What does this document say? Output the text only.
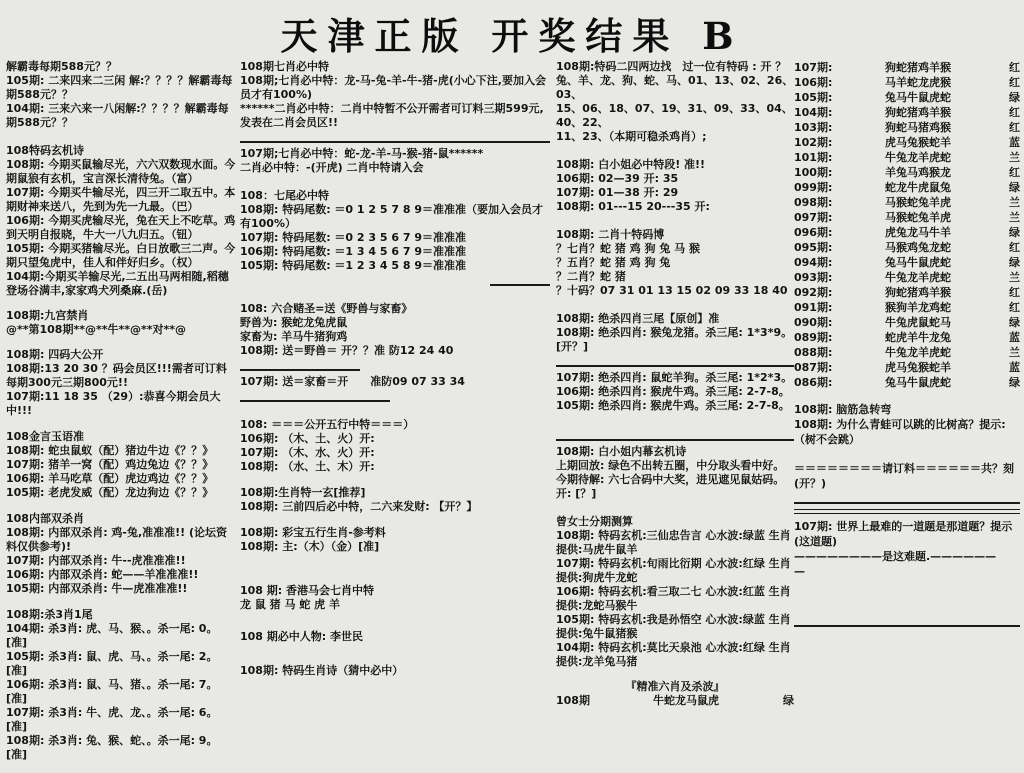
天津正版 开奖结果 B
解霸毒每期588元？？
105期: 二来四来二三闲 解:？？？？解霸毒每期588元？？
104期: 三来六来一八闲解:？？？？解霸毒每期588元？？
108特码玄机诗
108期: 今期买鼠输尽光，六六双数现水面。今期鼠狼有玄机，宝言深长清待兔。（富）
107期: 今期买牛输尽光，四三开二取五中。本期财神来送八，先到为先一九最。（巴）
106期: 今期买虎输尽光，兔在天上不吃草。鸡到天明自报晓，牛大一八九归五。（钮）
105期: 今期买猪输尽光。白日放歌三二声。今期只望兔虎中，佳人和伴好归乡。（权）
104期:今期买羊输尽光,二五出马两相随,稻穗登场谷满丰,家家鸡犬列桑麻.(岳)
108期:九宫禁肖
@**第108期**@**牛**@**对**@
108期: 四码大公开
108期:13 20 30 ？码会员区!!!需者可订料每期300元三期800元!!
107期:11 18 35 （29）:恭喜今期会员大中!!!
108金言玉语准
108期: 蛇虫鼠蚁（配）猪边牛边《？？》
107期: 猪羊一窝（配）鸡边兔边《？？》
106期: 羊马吃草（配）虎边鸡边《？？》
105期: 老虎发威（配）龙边狗边《？？》
108内部双杀肖
108期: 内部双杀肖: 鸡-兔,准准准!! (论坛资料仅供参考)!
107期: 内部双杀肖: 牛--虎准准准!!
106期: 内部双杀肖: 蛇——羊准准准!!
105期: 内部双杀肖: 牛—虎准准准!!
108期:杀3肖1尾
104期: 杀3肖: 虎、马、猴、。杀一尾: 0。[准]
105期: 杀3肖: 鼠、虎、马、。杀一尾: 2。[准]
106期: 杀3肖: 鼠、马、猪、。杀一尾: 7。[准]
107期: 杀3肖: 牛、虎、龙、。杀一尾: 6。[准]
108期: 杀3肖: 兔、猴、蛇、。杀一尾: 9。[准]
108期七肖必中特
108期;七肖必中特：龙-马-兔-羊-牛-猪-虎(小心下注,要加入会员才有100%)
******二肖必中特：二肖中特暂不公开需者可订料三期599元,发表在二肖会员区!!
107期;七肖必中特：蛇-龙-羊-马-猴-猪-鼠******
二肖必中特：-(开虎) 二肖中特请入会
108：七尾必中特
108期: 特码尾数: ＝0 1 2 5 7 8 9＝准准准（要加入会员才有100%）
107期: 特码尾数: ＝0 2 3 5 6 7 9＝准准准
106期: 特码尾数: ＝1 3 4 5 6 7 9＝准准准
105期: 特码尾数: ＝1 2 3 4 5 8 9＝准准准
108: 六合赌圣=送《野兽与家畜》
野兽为: 猴蛇龙兔虎鼠
家畜为: 羊马牛猪狗鸡
108期: 送＝野兽＝ 开？？准 防12 24 40
107期: 送＝家畜＝开　　准防09 07 33 34
108: ＝＝＝公开五行中特＝＝＝）
106期: （木、土、火）开:
107期: （木、水、火）开:
108期: （水、土、木）开:
108期:生肖特一玄[推荐]
108期: 三前四后必中特，二六来发财: 【开？】
108期: 彩宝五行生肖-参考料
108期: 主:（木）（金）[准]
108 期: 香港马会七肖中特
龙 鼠 猪 马 蛇 虎 羊
108 期必中人物: 李世民
108期: 特码生肖诗（猜中必中）
108期:特码二四两边找　过一位有特码 : 开 ？
兔、羊、龙、狗、蛇、马、01、13、02、26、03、
15、06、18、07、19、31、09、33、04、40、22、
11、23、（本期可稳杀鸡肖）;
108期: 白小姐必中特段! 准!!
106期: 02—39 开: 35
107期: 01—38 开: 29
108期: 01---15 20---35 开:
108期: 二肖十特码博
？七肖？蛇 猪 鸡 狗 兔 马 猴
？五肖？蛇 猪 鸡 狗 兔
？二肖？蛇 猪
？十码？07 31 01 13 15 02 09 33 18 40
108期: 绝杀四肖三尾【原创】准
108期: 绝杀四肖: 猴兔龙猪。杀三尾: 1*3*9。[开？]
107期: 绝杀四肖: 鼠蛇羊狗。杀三尾: 1*2*3。
106期: 绝杀四肖: 猴虎牛鸡。杀三尾: 2-7-8。
105期: 绝杀四肖: 猴虎牛鸡。杀三尾: 2-7-8。
108期: 白小姐内幕玄机诗
上期回放: 绿色不出转五圈，中分取头看中好。
今期待解: 六七合码中大奖，进见遮见鼠姑码。开: [？]
曾女士分期测算
108期: 特码玄机:三仙忠告言 心水波:绿蓝 生肖提供:马虎牛鼠羊
107期: 特码玄机:旬雨比衍期 心水波:红绿 生肖提供:狗虎牛龙蛇
106期: 特码玄机:看三取二七 心水波:红蓝 生肖提供:龙蛇马猴牛
105期: 特码玄机:我是孙悟空 心水波:绿蓝 生肖提供:兔牛鼠猪猴
104期: 特码玄机:莫比天泉池 心水波:红绿 生肖提供:龙羊兔马猪
『精准六肖及杀波』
108期	牛蛇龙马鼠虎	绿
107期:	狗蛇猪鸡羊猴	红
106期:	马羊蛇龙虎猴	红
105期:	兔马牛鼠虎蛇	绿
104期:	狗蛇猪鸡羊猴	红
103期:	狗蛇马猪鸡猴	红
102期:	虎马兔猴蛇羊	蓝
101期:	牛兔龙羊虎蛇	兰
100期:	羊兔马鸡猴龙	红
099期:	蛇龙牛虎鼠兔	绿
098期:	马猴蛇兔羊虎	兰
097期:	马猴蛇兔羊虎	兰
096期:	虎兔龙马牛羊	绿
095期:	马猴鸡兔龙蛇	红
094期:	兔马牛鼠虎蛇	绿
093期:	牛兔龙羊虎蛇	兰
092期:	狗蛇猪鸡羊猴	红
091期:	猴狗羊龙鸡蛇	红
090期:	牛兔虎鼠蛇马	绿
089期:	蛇虎羊牛龙兔	蓝
088期:	牛兔龙羊虎蛇	兰
087期:	虎马兔猴蛇羊	蓝
086期:	兔马牛鼠虎蛇	绿
108期: 脑筋急转弯
108期: 为什么青蛙可以跳的比树高？提示:（树不会跳）
＝＝＝＝＝＝＝＝请订料＝＝＝＝＝＝共？刻
(开？)
107期: 世界上最难的一道题是那道题？提示(这道题)
————————是这难题.——————
—
